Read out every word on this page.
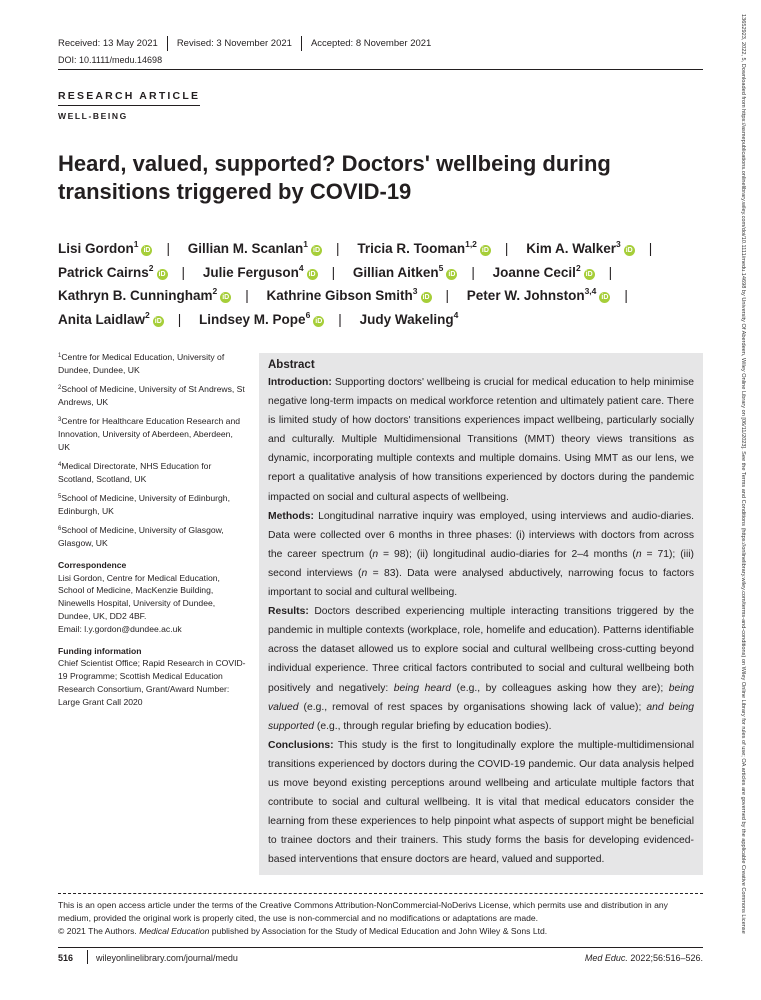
Received: 13 May 2021	Revised: 3 November 2021	Accepted: 8 November 2021
DOI: 10.1111/medu.14698
RESEARCH ARTICLE
WELL-BEING
Heard, valued, supported? Doctors' wellbeing during transitions triggered by COVID-19
Lisi Gordon$^1$iD | Gillian M. Scanlan$^1$iD | Tricia R. Tooman$^{1,2}$iD | Kim A. Walker$^3$iD |
Patrick Cairns$^2$iD | Julie Ferguson$^4$iD | Gillian Aitken$^5$iD | Joanne Cecil$^2$iD |
Kathryn B. Cunningham$^2$iD | Kathrine Gibson Smith$^3$iD | Peter W. Johnston$^{3,4}$iD |
Anita Laidlaw$^2$iD | Lindsey M. Pope$^6$iD | Judy Wakeling$^4$
$^1$Centre for Medical Education, University of Dundee, Dundee, UK
$^2$School of Medicine, University of St Andrews, St Andrews, UK
$^3$Centre for Healthcare Education Research and Innovation, University of Aberdeen, Aberdeen, UK
$^4$Medical Directorate, NHS Education for Scotland, Scotland, UK
$^5$School of Medicine, University of Edinburgh, Edinburgh, UK
$^6$School of Medicine, University of Glasgow, Glasgow, UK
Correspondence
Lisi Gordon, Centre for Medical Education, School of Medicine, MacKenzie Building, Ninewells Hospital, University of Dundee, Dundee, UK, DD2 4BF.
Email: l.y.gordon@dundee.ac.uk
Funding information
Chief Scientist Office; Rapid Research in COVID-19 Programme; Scottish Medical Education Research Consortium, Grant/Award Number: Large Grant Call 2020
Abstract

Introduction: Supporting doctors' wellbeing is crucial for medical education to help minimise negative long-term impacts on medical workforce retention and ultimately patient care. There is limited study of how doctors' transitions experiences impact wellbeing, particularly socially and culturally. Multiple Multidimensional Transitions (MMT) theory views transitions as dynamic, incorporating multiple contexts and multiple domains. Using MMT as our lens, we report a qualitative analysis of how transitions experienced by doctors during the pandemic impacted on social and cultural aspects of wellbeing.

Methods: Longitudinal narrative inquiry was employed, using interviews and audio-diaries. Data were collected over 6 months in three phases: (i) interviews with doctors from across the career spectrum (n = 98); (ii) longitudinal audio-diaries for 2–4 months (n = 71); (iii) second interviews (n = 83). Data were analysed abductively, narrowing focus to factors important to social and cultural wellbeing.

Results: Doctors described experiencing multiple interacting transitions triggered by the pandemic in multiple contexts (workplace, role, homelife and education). Patterns identifiable across the dataset allowed us to explore social and cultural wellbeing cross-cutting beyond individual experience. Three critical factors contributed to social and cultural wellbeing both positively and negatively: being heard (e.g., by colleagues asking how they are); being valued (e.g., removal of rest spaces by organisations showing lack of value); and being supported (e.g., through regular briefing by education bodies).

Conclusions: This study is the first to longitudinally explore the multiple-multidimensional transitions experienced by doctors during the COVID-19 pandemic. Our data analysis helped us move beyond existing perceptions around wellbeing and articulate multiple factors that contribute to social and cultural wellbeing. It is vital that medical educators consider the learning from these experiences to help pinpoint what aspects of support might be beneficial to trainee doctors and their trainers. This study forms the basis for developing evidenced-based interventions that ensure doctors are heard, valued and supported.

This is an open access article under the terms of the Creative Commons Attribution-NonCommercial-NoDerivs License, which permits use and distribution in any medium, provided the original work is properly cited, the use is non-commercial and no modifications or adaptations are made.
© 2021 The Authors. Medical Education published by Association for the Study of Medical Education and John Wiley & Sons Ltd.
516	wileyonlinelibrary.com/journal/medu	Med Educ. 2022;56:516–526.
13652923, 2022, 5, Downloaded from https://asmepublications.onlinelibrary.wiley.com/doi/10.1111/medu.14698 by University Of Aberdeen, Wiley Online Library on [06/11/2023]. See the Terms and Conditions (https://onlinelibrary.wiley.com/terms-and-conditions) on Wiley Online Library for rules of use; OA articles are governed by the applicable Creative Commons License
